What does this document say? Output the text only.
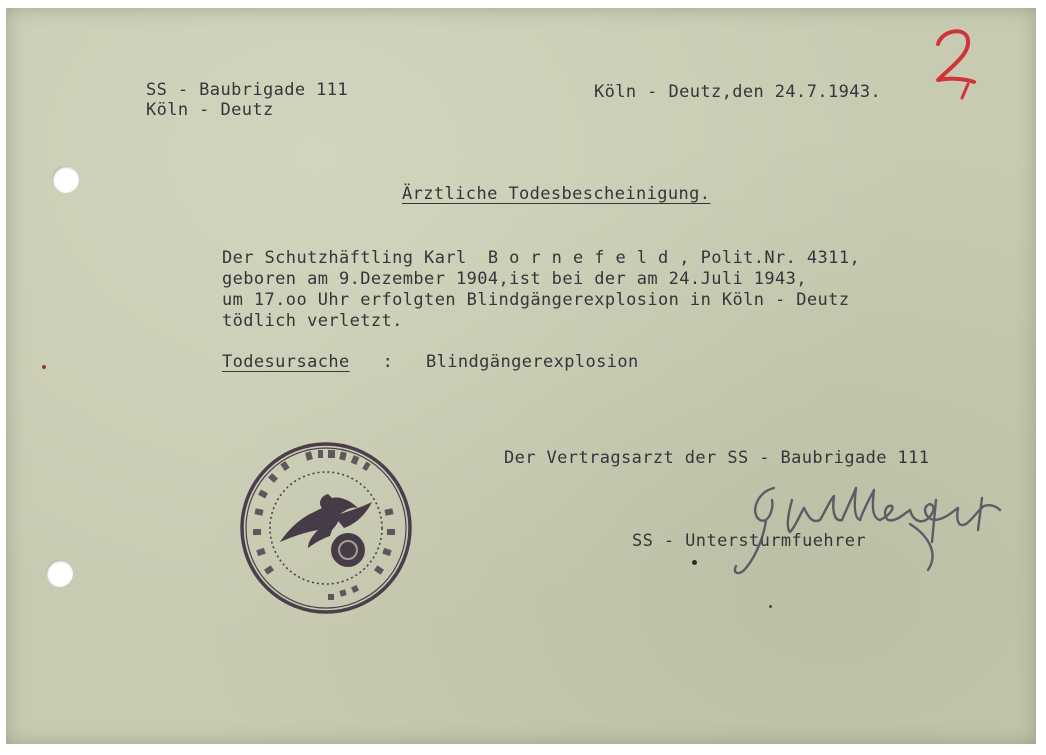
SS - Baubrigade 111
Köln - Deutz
Köln - Deutz,den 24.7.1943.
Ärztliche Todesbescheinigung.
Der Schutzhäftling Karl  B o r n e f e l d , Polit.Nr. 4311,
geboren am 9.Dezember 1904,ist bei der am 24.Juli 1943,
um 17.oo Uhr erfolgten Blindgängerexplosion in Köln - Deutz
tödlich verletzt.
Todesursache : Blindgängerexplosion
Der Vertragsarzt der SS - Baubrigade 111
SS - Untersturmfuehrer
